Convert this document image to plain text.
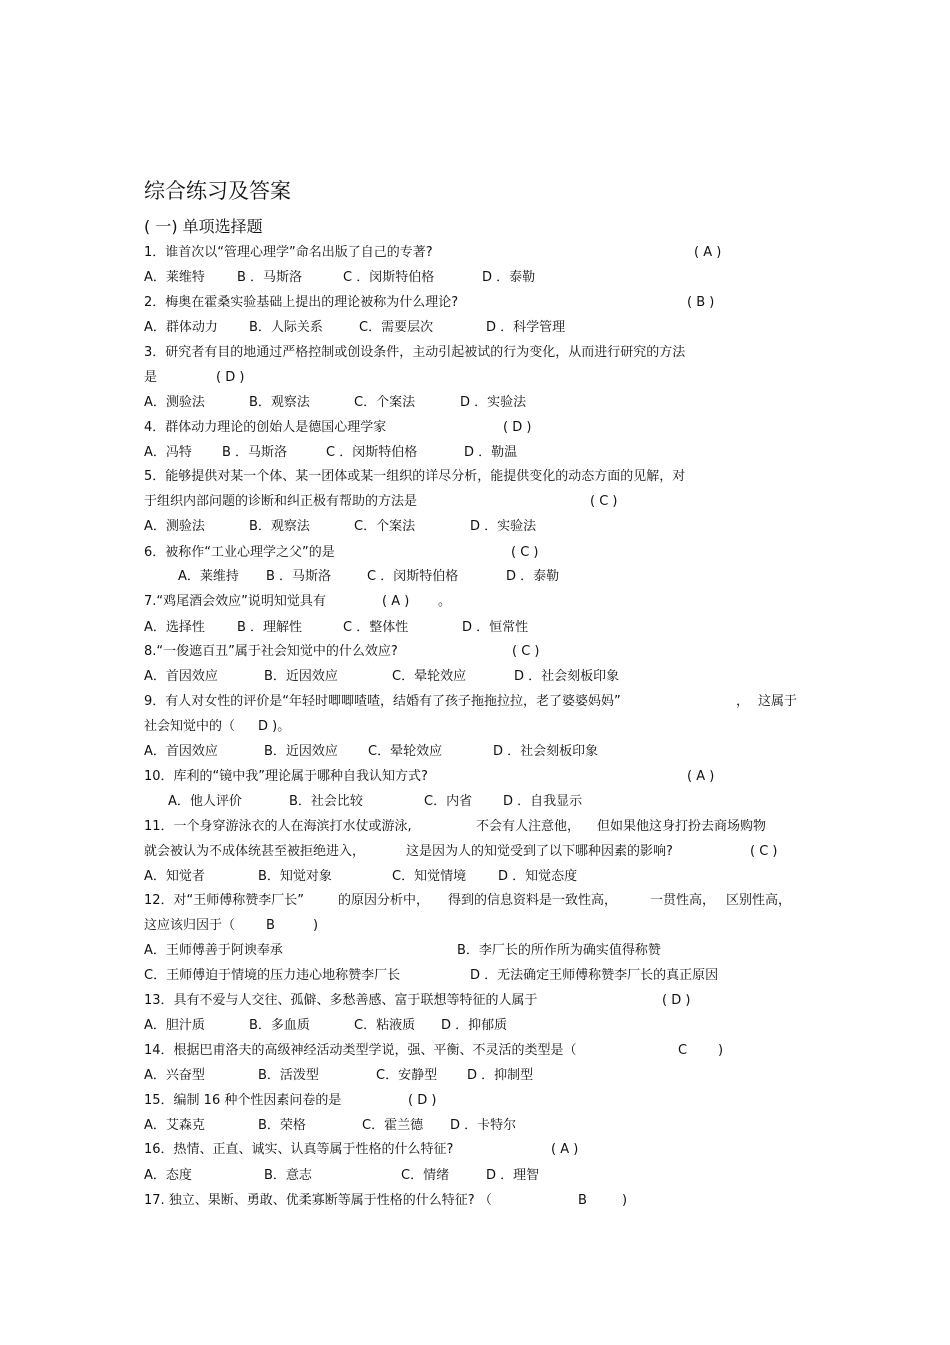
综合练习及答案
( 一) 单项选择题
1．谁首次以“管理心理学”命名出版了自己的专著?	( A )
A．莱维特 B ．马斯洛	C ．闵斯特伯格	D ．泰勒
2．梅奥在霍桑实验基础上提出的理论被称为什么理论?	( B )
A．群体动力 B．人际关系	C．需要层次	D ．科学管理
3．研究者有目的地通过严格控制或创设条件，主动引起被试的行为变化，从而进行研究的方法
是	( D )
A．测验法	B．观察法	C．个案法	D ．实验法
4．群体动力理论的创始人是德国心理学家	( D )
A．冯特 B ．马斯洛	C ．闵斯特伯格	D ．勒温
5．能够提供对某一个体、某一团体或某一组织的详尽分析，能提供变化的动态方面的见解，对
于组织内部问题的诊断和纠正极有帮助的方法是	( C )
A．测验法	B．观察法	C．个案法	D ．实验法
6．被称作“工业心理学之父”的是	( C )
A．莱维持 B ．马斯洛	C ．闵斯特伯格	D ．泰勒
7.“鸡尾酒会效应”说明知觉具有	( A ) 。
A．选择性 B ．理解性	C ．整体性	D ．恒常性
8.“一俊遮百丑”属于社会知觉中的什么效应?	( C )
A．首因效应	B．近因效应	C．晕轮效应	D ．社会刻板印象
9．有人对女性的评价是“年轻时唧唧喳喳，结婚有了孩子拖拖拉拉，老了婆婆妈妈”	， 这属于
社会知觉中的（ D )。
A．首因效应	B．近因效应 C．晕轮效应	D ．社会刻板印象
10．库利的“镜中我”理论属于哪种自我认知方式?	( A )
A．他人评价	B．社会比较	C．内省 D ．自我显示
11．一个身穿游泳衣的人在海滨打水仗或游泳,	不会有人注意他， 但如果他这身打扮去商场购物
就会被认为不成体统甚至被拒绝进入，	这是因为人的知觉受到了以下哪种因素的影响?	( C )
A．知觉者	B．知觉对象	C．知觉情境 D ．知觉态度
12．对“王师傅称赞李厂长”	的原因分析中， 得到的信息资料是一致性高，	一贯性高， 区别性高，
这应该归因于（ B	)
A．王师傅善于阿谀奉承	B．李厂长的所作所为确实值得称赞
C．王师傅迫于情境的压力违心地称赞李厂长	D ．无法确定王师傅称赞李厂长的真正原因
13．具有不爱与人交往、孤僻、多愁善感、富于联想等特征的人属于	( D )
A．胆汁质	B．多血质	C．粘液质 D ．抑郁质
14．根据巴甫洛夫的高级神经活动类型学说，强、平衡、不灵活的类型是（	C )
A．兴奋型	B．活泼型	C．安静型 D ．抑制型
15．编制 16 种个性因素问卷的是	( D )
A．艾森克	B．荣格	C．霍兰德 D ．卡特尔
16．热情、正直、诚实、认真等属于性格的什么特征?	( A )
A．态度	B．意志	C．情绪	D ．理智
17. 独立、果断、勇敢、优柔寡断等属于性格的什么特征? （	B	)
